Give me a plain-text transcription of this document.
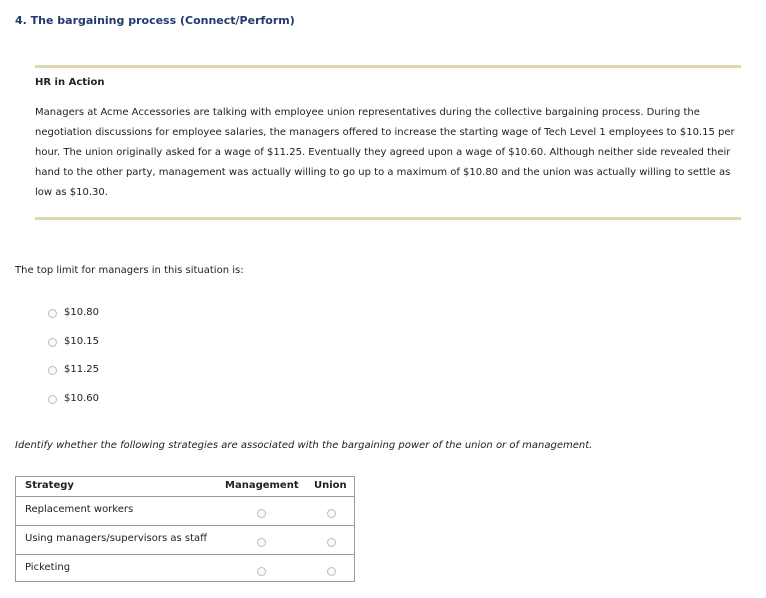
4. The bargaining process (Connect/Perform)
HR in Action
Managers at Acme Accessories are talking with employee union representatives during the collective bargaining process. During the negotiation discussions for employee salaries, the managers offered to increase the starting wage of Tech Level 1 employees to $10.15 per hour. The union originally asked for a wage of $11.25. Eventually they agreed upon a wage of $10.60. Although neither side revealed their hand to the other party, management was actually willing to go up to a maximum of $10.80 and the union was actually willing to settle as low as $10.30.
The top limit for managers in this situation is:
$10.80
$10.15
$11.25
$10.60
Identify whether the following strategies are associated with the bargaining power of the union or of management.
Strategy	Management Union
Replacement workers
Using managers/supervisors as staff
Picketing
